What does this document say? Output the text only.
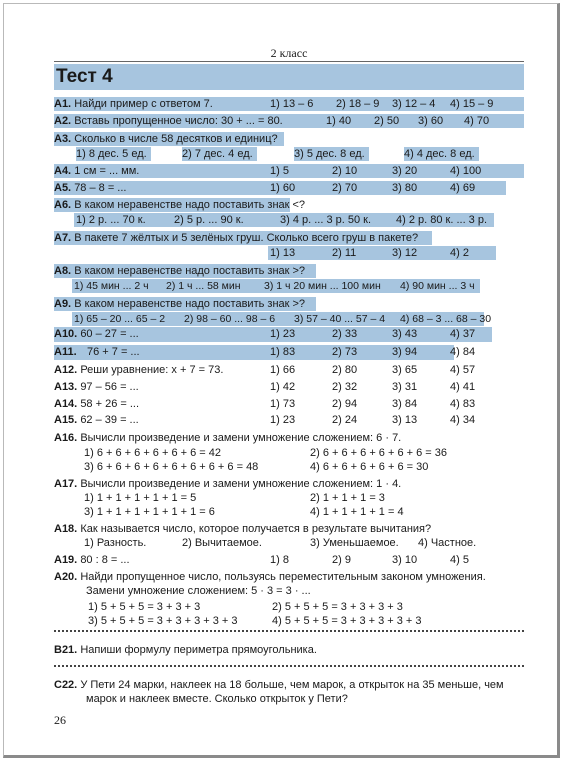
2 класс
Тест 4
А1. Найди пример с ответом 7.	1) 13 – 6 2) 18 – 9 3) 12 – 4 4) 15 – 9
А2. Вставь пропущенное число: 30 + ... = 80.	1) 40 2) 50 3) 60 4) 70
А3. Сколько в числе 58 десятков и единиц?
1) 8 дес. 5 ед.	2) 7 дес. 4 ед.	3) 5 дес. 8 ед.	4) 4 дес. 8 ед.
А4. 1 см = ... мм.	1) 5	2) 10	3) 20	4) 100
А5. 78 – 8 = ...	1) 60	2) 70	3) 80	4) 69
А6. В каком неравенстве надо поставить знак <?
1) 2 р. ... 70 к.	2) 5 р. ... 90 к.	3) 4 р. ... 3 р. 50 к. 4) 2 р. 80 к. ... 3 р.
А7. В пакете 7 жёлтых и 5 зелёных груш. Сколько всего груш в пакете?
1) 13	2) 11	3) 12	4) 2
А8. В каком неравенстве надо поставить знак >?
1) 45 мин ... 2 ч 2) 1 ч ... 58 мин 3) 1 ч 20 мин ... 100 мин 4) 90 мин ... 3 ч
А9. В каком неравенстве надо поставить знак >?
1) 65 – 20 ... 65 – 2 2) 98 – 60 ... 98 – 6 3) 57 – 40 ... 57 – 4 4) 68 – 3 ... 68 – 30
А10. 60 – 27 = ...	1) 23	2) 33	3) 43	4) 37
А11. 76 + 7 = ...	1) 83	2) 73	3) 94	4) 84
А12. Реши уравнение: x + 7 = 73.	1) 66	2) 80	3) 65	4) 57
А13. 97 – 56 = ...	1) 42	2) 32	3) 31	4) 41
А14. 58 + 26 = ...	1) 73	2) 94	3) 84	4) 83
А15. 62 – 39 = ...	1) 23	2) 24	3) 13	4) 34
А16. Вычисли произведение и замени умножение сложением: 6 · 7.
1) 6 + 6 + 6 + 6 + 6 + 6 = 42	2) 6 + 6 + 6 + 6 + 6 + 6 = 36
3) 6 + 6 + 6 + 6 + 6 + 6 + 6 + 6 = 48	4) 6 + 6 + 6 + 6 + 6 = 30
А17. Вычисли произведение и замени умножение сложением: 1 · 4.
1) 1 + 1 + 1 + 1 + 1 = 5	2) 1 + 1 + 1 = 3
3) 1 + 1 + 1 + 1 + 1 + 1 = 6	4) 1 + 1 + 1 + 1 = 4
А18. Как называется число, которое получается в результате вычитания?
1) Разность.	2) Вычитаемое.	3) Уменьшаемое. 4) Частное.
А19. 80 : 8 = ...	1) 8	2) 9	3) 10	4) 5
А20. Найди пропущенное число, пользуясь переместительным законом умножения.
Замени умножение сложением: 5 · 3 = 3 · ...
1) 5 + 5 + 5 = 3 + 3 + 3	2) 5 + 5 + 5 = 3 + 3 + 3 + 3
3) 5 + 5 + 5 = 3 + 3 + 3 + 3 + 3	4) 5 + 5 + 5 = 3 + 3 + 3 + 3 + 3
В21. Напиши формулу периметра прямоугольника.
С22. У Пети 24 марки, наклеек на 18 больше, чем марок, а открыток на 35 меньше, чем
марок и наклеек вместе. Сколько открыток у Пети?
26
